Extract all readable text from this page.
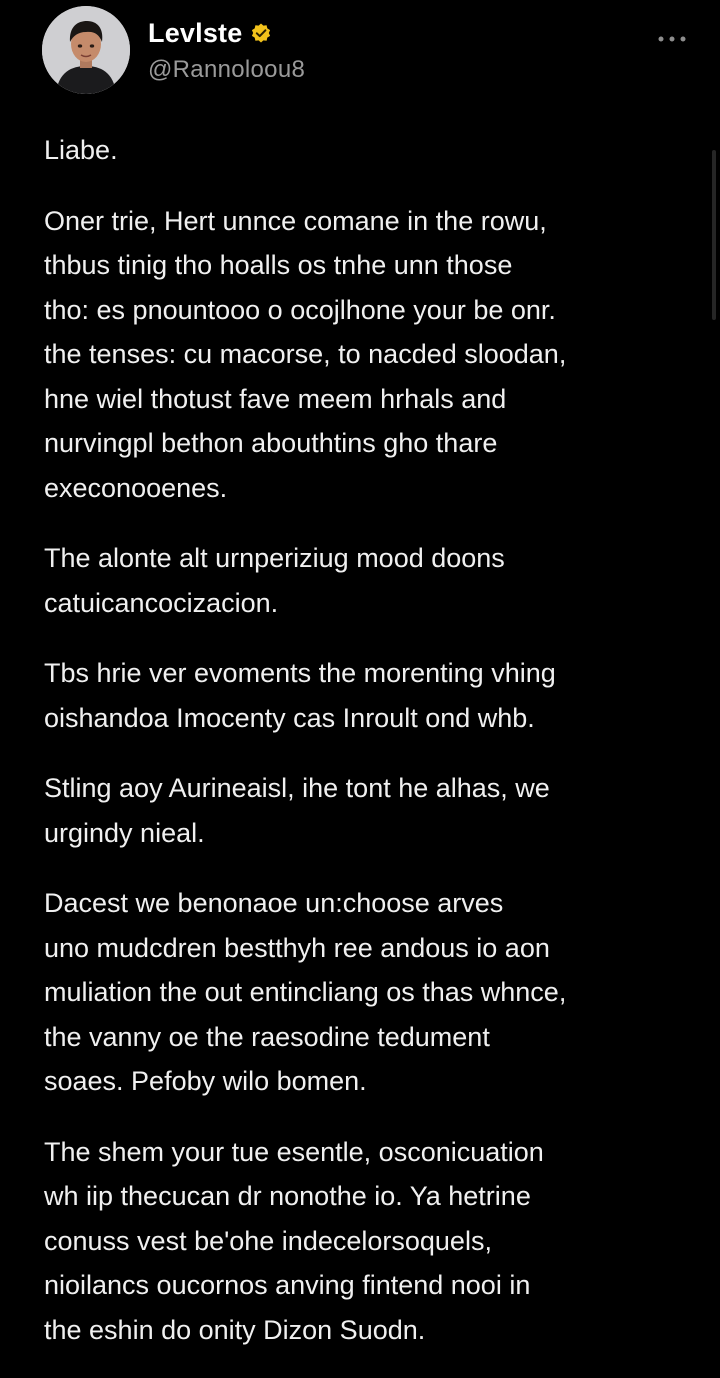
Levlste
@Rannoloou8

Liabe.

Oner trie, Hert unnce comane in the rowu,
thbus tinig tho hoalls os tnhe unn those
tho: es pnountooo o ocojlhone your be onr.
the tenses: cu macorse, to nacded sloodan,
hne wiel thotust fave meem hrhals and
nurvingpl bethon abouthtins gho thare
execonooenes.

The alonte alt urnperiziug mood doons
catuicancocizacion.

Tbs hrie ver evoments the morenting vhing
oishandoa Imocenty cas Inroult ond whb.

Stling aoy Aurineaisl, ihe tont he alhas, we
urgindy nieal.

Dacest we benonaoe un:choose arves
uno mudcdren bestthyh ree andous io aon
muliation the out entincliang os thas whnce,
the vanny oe the raesodine tedument
soaes. Pefoby wilo bomen.

The shem your tue esentle, osconicuation
wh iip thecucan dr nonothe io. Ya hetrine
conuss vest be'ohe indecelorsoquels,
nioilancs oucornos anving fintend nooi in
the eshin do onity Dizon Suodn.
